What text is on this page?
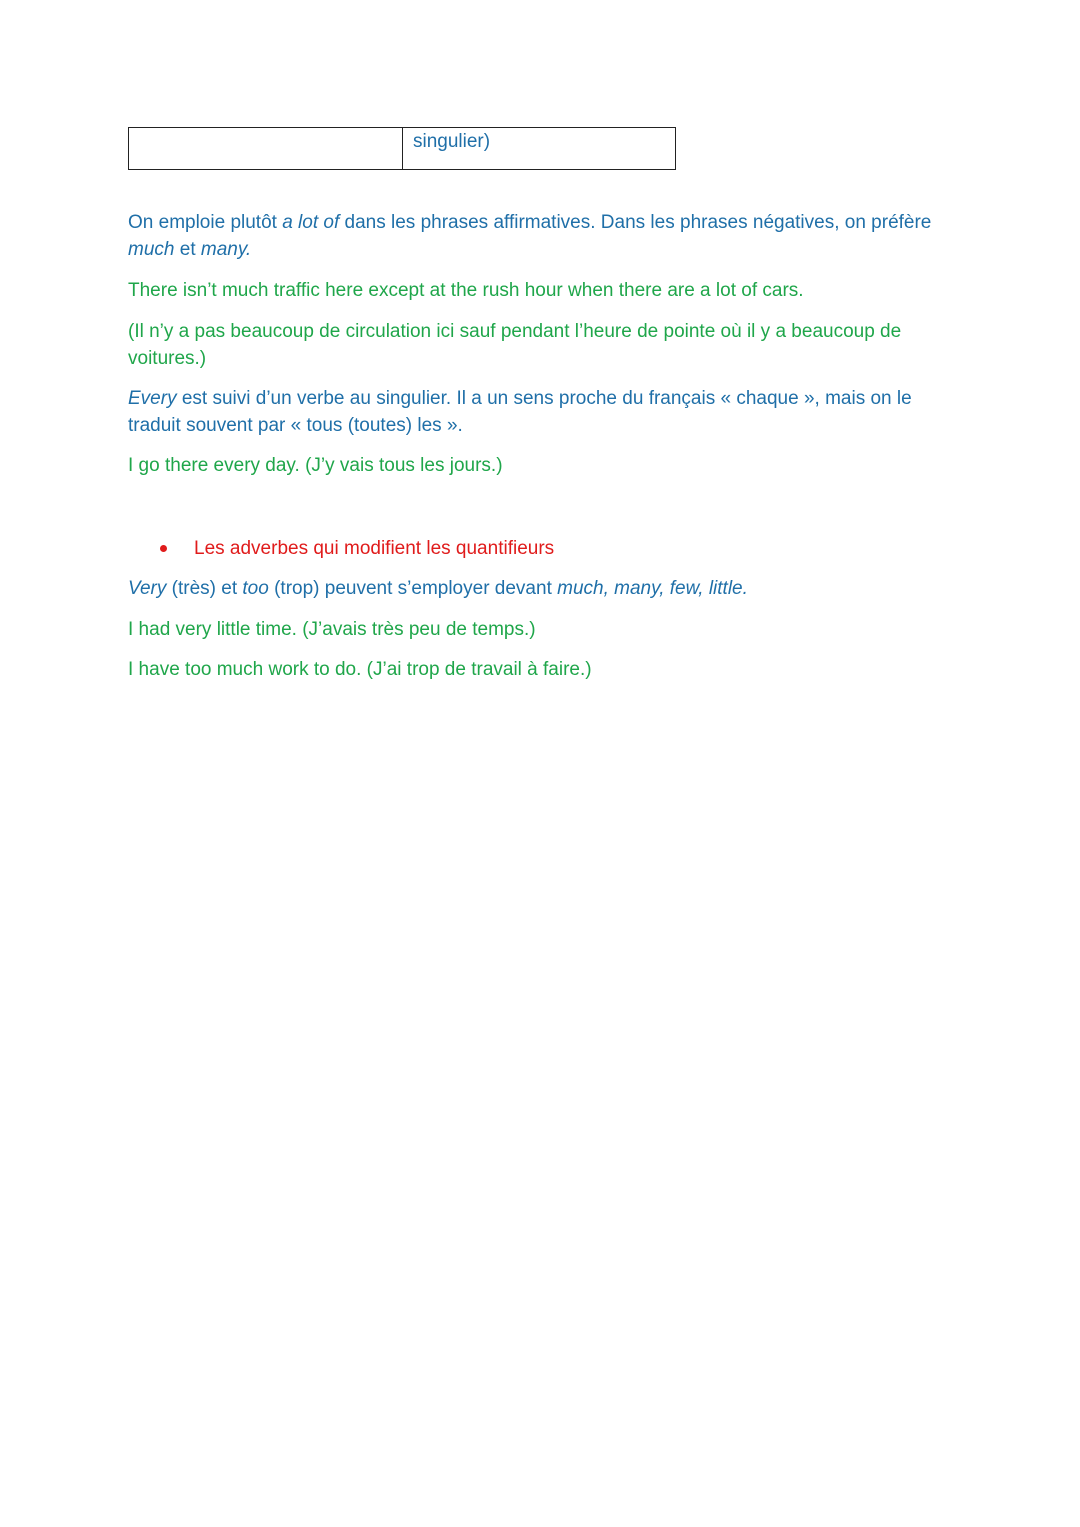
singulier)

On emploie plutôt a lot of dans les phrases affirmatives. Dans les phrases négatives, on préfère much et many.

There isn’t much traffic here except at the rush hour when there are a lot of cars.

(Il n’y a pas beaucoup de circulation ici sauf pendant l’heure de pointe où il y a beaucoup de voitures.)

Every est suivi d’un verbe au singulier. Il a un sens proche du français « chaque », mais on le traduit souvent par « tous (toutes) les ».

I go there every day. (J’y vais tous les jours.)

Les adverbes qui modifient les quantifieurs

Very (très) et too (trop) peuvent s’employer devant much, many, few, little.

I had very little time. (J’avais très peu de temps.)

I have too much work to do. (J’ai trop de travail à faire.)
